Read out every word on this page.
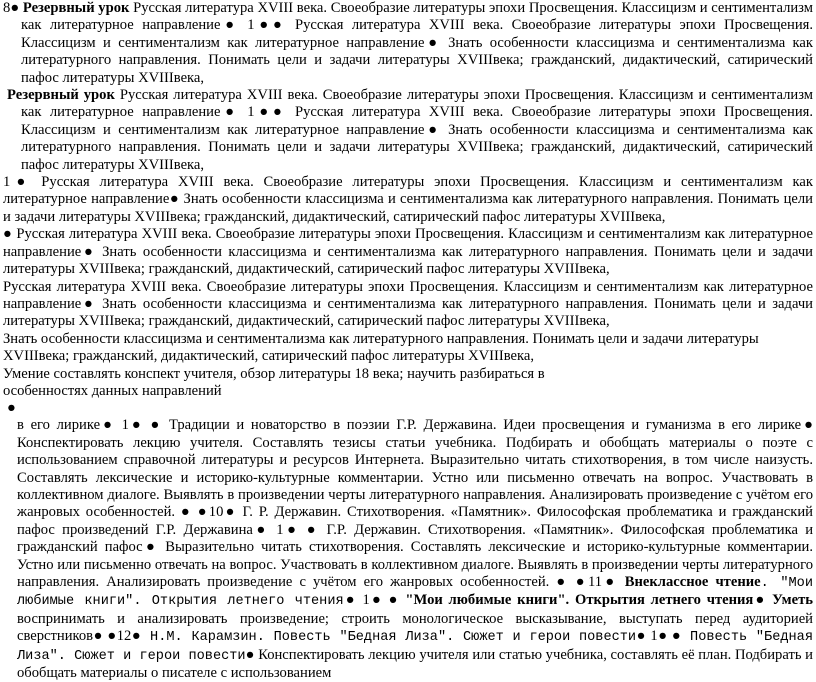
8● Резервный урок Русская литература XVIII века. Своеобразие литературы эпохи Просвещения. Классицизм и сентиментализм как литературное направление● 1●● Русская литература XVIII века. Своеобразие литературы эпохи Просвещения. Классицизм и сентиментализм как литературное направление● Знать особенности классицизма и сентиментализма как литературного направления. Понимать цели и задачи литературы XVIIIвека; гражданский, дидактический, сатирический пафос литературы XVIIIвека,

Резервный урок Русская литература XVIII века. Своеобразие литературы эпохи Просвещения. Классицизм и сентиментализм как литературное направление● 1●● Русская литература XVIII века. Своеобразие литературы эпохи Просвещения. Классицизм и сентиментализм как литературное направление● Знать особенности классицизма и сентиментализма как литературного направления. Понимать цели и задачи литературы XVIIIвека; гражданский, дидактический, сатирический пафос литературы XVIIIвека,

1● Русская литература XVIII века. Своеобразие литературы эпохи Просвещения. Классицизм и сентиментализм как литературное направление● Знать особенности классицизма и сентиментализма как литературного направления. Понимать цели и задачи литературы XVIIIвека; гражданский, дидактический, сатирический пафос литературы XVIIIвека,

● Русская литература XVIII века. Своеобразие литературы эпохи Просвещения. Классицизм и сентиментализм как литературное направление● Знать особенности классицизма и сентиментализма как литературного направления. Понимать цели и задачи литературы XVIIIвека; гражданский, дидактический, сатирический пафос литературы XVIIIвека,

Русская литература XVIII века. Своеобразие литературы эпохи Просвещения. Классицизм и сентиментализм как литературное направление● Знать особенности классицизма и сентиментализма как литературного направления. Понимать цели и задачи литературы XVIIIвека; гражданский, дидактический, сатирический пафос литературы XVIIIвека,

Знать особенности классицизма и сентиментализма как литературного направления. Понимать цели и задачи литературы XVIIIвека; гражданский, дидактический, сатирический пафос литературы XVIIIвека,

Умение составлять конспект учителя, обзор литературы 18 века; научить разбираться в
особенностях данных направлений

●

в его лирике● 1● ● Традиции и новаторство в поэзии Г.Р. Державина. Идеи просвещения и гуманизма в его лирике● Конспектировать лекцию учителя. Составлять тезисы статьи учебника. Подбирать и обобщать материалы о поэте с использованием справочной литературы и ресурсов Интернета. Выразительно читать стихотворения, в том числе наизусть. Составлять лексические и историко-культурные комментарии. Устно или письменно отвечать на вопрос. Участвовать в коллективном диалоге. Выявлять в произведении черты литературного направления. Анализировать произведение с учётом его жанровых особенностей. ● ●10● Г. Р. Державин. Стихотворения. «Памятник». Философская проблематика и гражданский пафос произведений Г.Р. Державина● 1● ● Г.Р. Державин. Стихотворения. «Памятник». Философская проблематика и гражданский пафос● Выразительно читать стихотворения. Составлять лексические и историко-культурные комментарии. Устно или письменно отвечать на вопрос. Участвовать в коллективном диалоге. Выявлять в произведении черты литературного направления. Анализировать произведение с учётом его жанровых особенностей. ● ●11● Внеклассное чтение. "Мои любимые книги". Открытия летнего чтения● 1● ● "Мои любимые книги". Открытия летнего чтения● Уметь воспринимать и анализировать произведение; строить монологическое высказывание, выступать перед аудиторией сверстников● ●12● Н.М. Карамзин. Повесть "Бедная Лиза". Сюжет и герои повести● 1● ● Повесть "Бедная Лиза". Сюжет и герои повести● Конспектировать лекцию учителя или статью учебника, составлять её план. Подбирать и обобщать материалы о писателе с использованием
